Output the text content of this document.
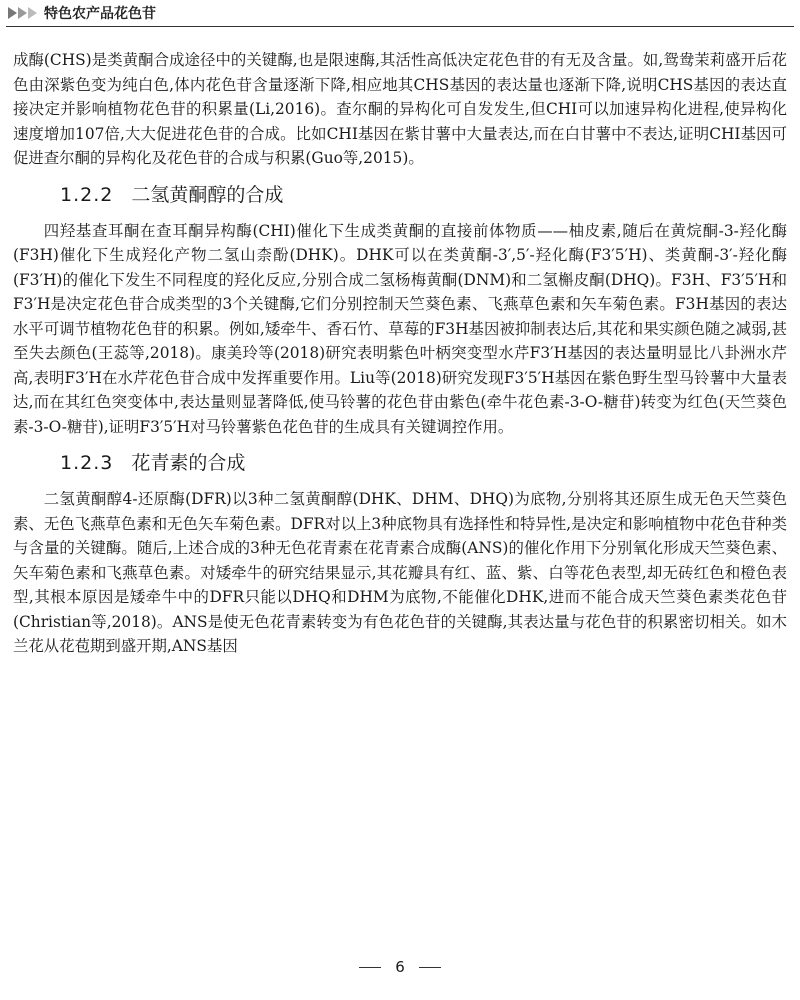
特色农产品花色苷

成酶(CHS)是类黄酮合成途径中的关键酶,也是限速酶,其活性高低决定花色苷的有无及含量。如,鸳鸯茉莉盛开后花色由深紫色变为纯白色,体内花色苷含量逐渐下降,相应地其CHS基因的表达量也逐渐下降,说明CHS基因的表达直接决定并影响植物花色苷的积累量(Li,2016)。查尔酮的异构化可自发发生,但CHI可以加速异构化进程,使异构化速度增加107倍,大大促进花色苷的合成。比如CHI基因在紫甘薯中大量表达,而在白甘薯中不表达,证明CHI基因可促进查尔酮的异构化及花色苷的合成与积累(Guo等,2015)。

1.2.2 二氢黄酮醇的合成

四羟基查耳酮在查耳酮异构酶(CHI)催化下生成类黄酮的直接前体物质——柚皮素,随后在黄烷酮-3-羟化酶(F3H)催化下生成羟化产物二氢山柰酚(DHK)。DHK可以在类黄酮-3′,5′-羟化酶(F3′5′H)、类黄酮-3′-羟化酶(F3′H)的催化下发生不同程度的羟化反应,分别合成二氢杨梅黄酮(DNM)和二氢槲皮酮(DHQ)。F3H、F3′5′H和F3′H是决定花色苷合成类型的3个关键酶,它们分别控制天竺葵色素、飞燕草色素和矢车菊色素。F3H基因的表达水平可调节植物花色苷的积累。例如,矮牵牛、香石竹、草莓的F3H基因被抑制表达后,其花和果实颜色随之减弱,甚至失去颜色(王蕊等,2018)。康美玲等(2018)研究表明紫色叶柄突变型水芹F3′H基因的表达量明显比八卦洲水芹高,表明F3′H在水芹花色苷合成中发挥重要作用。Liu等(2018)研究发现F3′5′H基因在紫色野生型马铃薯中大量表达,而在其红色突变体中,表达量则显著降低,使马铃薯的花色苷由紫色(牵牛花色素-3-O-糖苷)转变为红色(天竺葵色素-3-O-糖苷),证明F3′5′H对马铃薯紫色花色苷的生成具有关键调控作用。

1.2.3 花青素的合成

二氢黄酮醇4-还原酶(DFR)以3种二氢黄酮醇(DHK、DHM、DHQ)为底物,分别将其还原生成无色天竺葵色素、无色飞燕草色素和无色矢车菊色素。DFR对以上3种底物具有选择性和特异性,是决定和影响植物中花色苷种类与含量的关键酶。随后,上述合成的3种无色花青素在花青素合成酶(ANS)的催化作用下分别氧化形成天竺葵色素、矢车菊色素和飞燕草色素。对矮牵牛的研究结果显示,其花瓣具有红、蓝、紫、白等花色表型,却无砖红色和橙色表型,其根本原因是矮牵牛中的DFR只能以DHQ和DHM为底物,不能催化DHK,进而不能合成天竺葵色素类花色苷(Christian等,2018)。ANS是使无色花青素转变为有色花色苷的关键酶,其表达量与花色苷的积累密切相关。如木兰花从花苞期到盛开期,ANS基因

6
